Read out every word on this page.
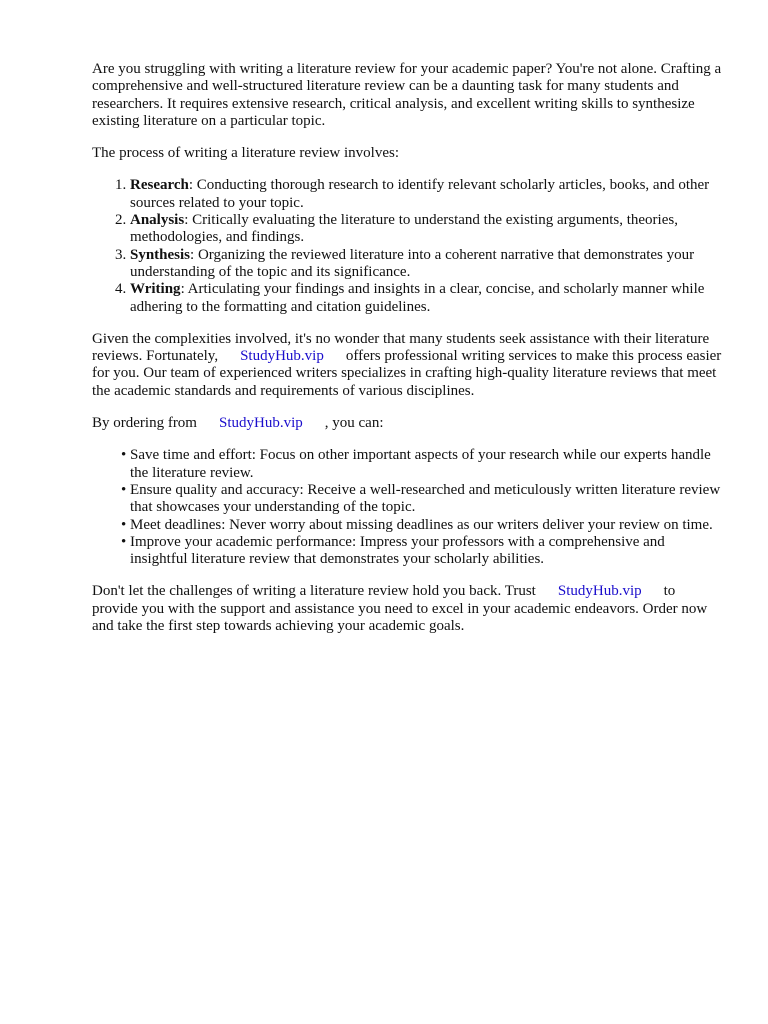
Are you struggling with writing a literature review for your academic paper? You're not alone. Crafting a comprehensive and well-structured literature review can be a daunting task for many students and researchers. It requires extensive research, critical analysis, and excellent writing skills to synthesize existing literature on a particular topic.

The process of writing a literature review involves:

1. Research: Conducting thorough research to identify relevant scholarly articles, books, and other sources related to your topic.
2. Analysis: Critically evaluating the literature to understand the existing arguments, theories, methodologies, and findings.
3. Synthesis: Organizing the reviewed literature into a coherent narrative that demonstrates your understanding of the topic and its significance.
4. Writing: Articulating your findings and insights in a clear, concise, and scholarly manner while adhering to the formatting and citation guidelines.

Given the complexities involved, it's no wonder that many students seek assistance with their literature reviews. Fortunately, StudyHub.vip offers professional writing services to make this process easier for you. Our team of experienced writers specializes in crafting high-quality literature reviews that meet the academic standards and requirements of various disciplines.

By ordering from StudyHub.vip , you can:

• Save time and effort: Focus on other important aspects of your research while our experts handle the literature review.
• Ensure quality and accuracy: Receive a well-researched and meticulously written literature review that showcases your understanding of the topic.
• Meet deadlines: Never worry about missing deadlines as our writers deliver your review on time.
• Improve your academic performance: Impress your professors with a comprehensive and insightful literature review that demonstrates your scholarly abilities.

Don't let the challenges of writing a literature review hold you back. Trust StudyHub.vip to provide you with the support and assistance you need to excel in your academic endeavors. Order now and take the first step towards achieving your academic goals.
